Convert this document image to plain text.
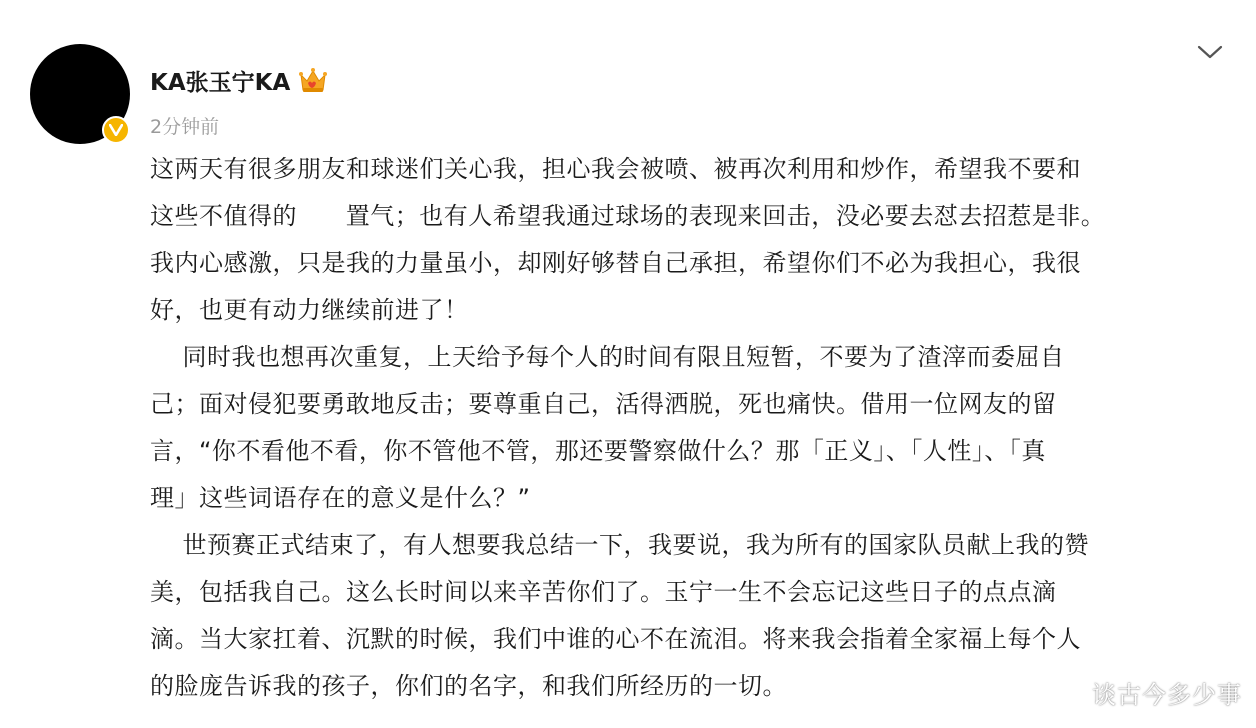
KA张玉宁KA
2分钟前
这两天有很多朋友和球迷们关心我，担心我会被喷、被再次利用和炒作，希望我不要和
这些不值得的      置气；也有人希望我通过球场的表现来回击，没必要去怼去招惹是非。
我内心感激，只是我的力量虽小，却刚好够替自己承担，希望你们不必为我担心，我很
好，也更有动力继续前进了！
同时我也想再次重复，上天给予每个人的时间有限且短暂，不要为了渣滓而委屈自
己；面对侵犯要勇敢地反击；要尊重自己，活得洒脱，死也痛快。借用一位网友的留
言，“你不看他不看，你不管他不管，那还要警察做什么？那「正义」、「人性」、「真
理」这些词语存在的意义是什么？”
世预赛正式结束了，有人想要我总结一下，我要说，我为所有的国家队员献上我的赞
美，包括我自己。这么长时间以来辛苦你们了。玉宁一生不会忘记这些日子的点点滴
滴。当大家扛着、沉默的时候，我们中谁的心不在流泪。将来我会指着全家福上每个人
的脸庞告诉我的孩子，你们的名字，和我们所经历的一切。	谈古今多少事
